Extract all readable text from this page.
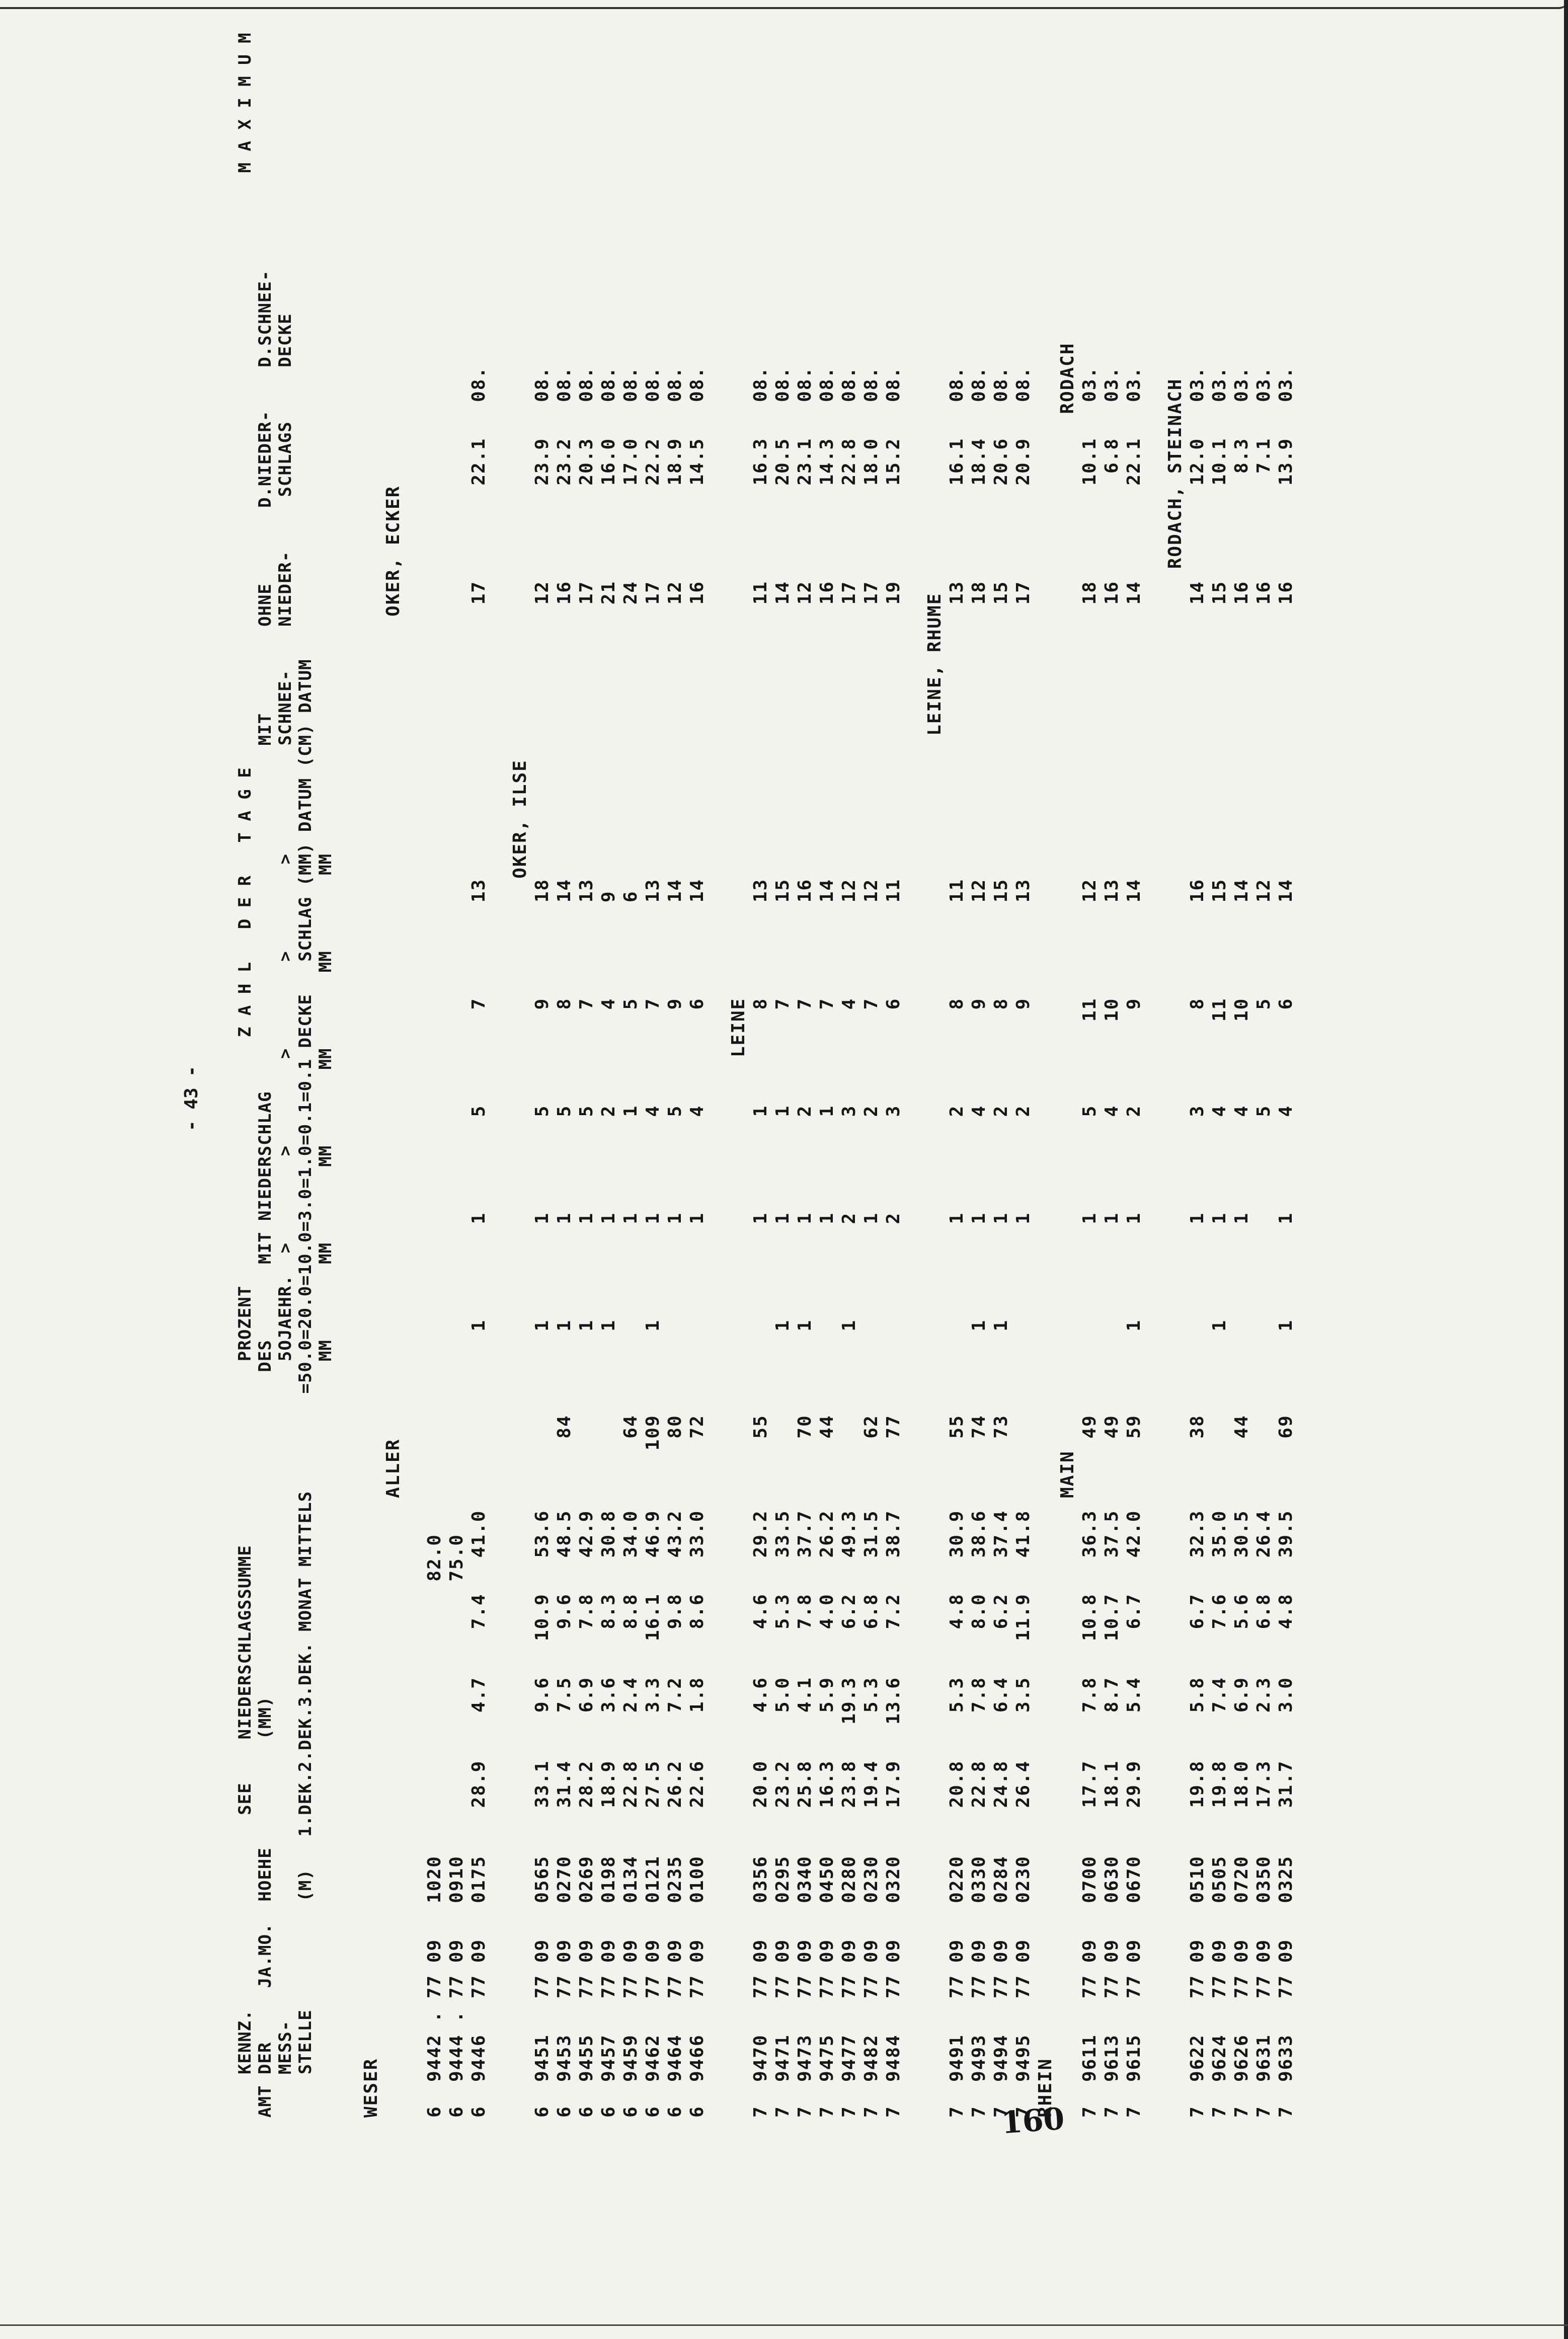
- 43 - KENNZ.                  SEE    NIEDERSCHLAGSSUMME                 PROZENT                       Z A H L   D E R   T A G E                                                       M A X I M U M AMT DER     JA.MO.  HOEHE          (MM)                              DES       MIT NIEDERSCHLAG                                MIT        OHNE       D.NIEDER-    D.SCHNEE- MESS-                                                             5OJAEHR.  >        >        >        >        >          SCHNEE-    NIEDER-     SCHLAGS     DECKE STELLE          (M)   1.DEK.2.DEK.3.DEK. MONAT MITTELS         =50.0=20.0=10.0=3.0=1.0=0.1=0.1 DECKE   SCHLAG (MM) DATUM (CM) DATUM MM       MM       MM       MM       MM       MM WESER ALLER                                                                     OKER, ECKER 6  9442 . 77 09   1020                       82.0 6  9444 . 77 09   0910                       75.0 6  9446   77 09   0175    28.9    4.7    7.4   41.0               1        1        5        7        13                       17        22.1   08. OKER, ILSE 6  9451   77 09   0565    33.1    9.6   10.9   53.6               1        1        5        9        18                       12        23.9   08. 6  9453   77 09   0270    31.4    7.5    9.6   48.5      84       1        1        5        8        14                       16        23.2   08. 6  9455   77 09   0269    28.2    6.9    7.8   42.9               1        1        5        7        13                       17        20.3   08. 6  9457   77 09   0198    18.9    3.6    8.3   30.8               1        1        2        4        9                        21        16.0   08. 6  9459   77 09   0134    22.8    2.4    8.8   34.0      64                1        1        5        6                        24        17.0   08. 6  9462   77 09   0121    27.5    3.3   16.1   46.9     109       1        1        4        7        13                       17        22.2   08. 6  9464   77 09   0235    26.2    7.2    9.8   43.2      80                1        5        9        14                       12        18.9   08. 6  9466   77 09   0100    22.6    1.8    8.6   33.0      72                1        4        6        14                       16        14.5   08. LEINE 7  9470   77 09   0356    20.0    4.6    4.6   29.2      55                1        1        8        13                       11        16.3   08. 7  9471   77 09   0295    23.2    5.0    5.3   33.5               1        1        1        7        15                       14        20.5   08. 7  9473   77 09   0340    25.8    4.1    7.8   37.7      70       1        1        2        7        16                       12        23.1   08. 7  9475   77 09   0450    16.3    5.9    4.0   26.2      44                1        1        7        14                       16        14.3   08. 7  9477   77 09   0280    23.8   19.3    6.2   49.3               1        2        3        4        12                       17        22.8   08. 7  9482   77 09   0230    19.4    5.3    6.8   31.5      62                1        2        7        12                       17        18.0   08. 7  9484   77 09   0320    17.9   13.6    7.2   38.7      77                2        3        6        11                       19        15.2   08. LEINE, RHUME 7  9491   77 09   0220    20.8    5.3    4.8   30.9      55                1        2        8        11                       13        16.1   08. 7  9493   77 09   0330    22.8    7.8    8.0   38.6      74       1        1        4        9        12                       18        18.4   08. 7  9494   77 09   0284    24.8    6.4    6.2   37.4      73       1        1        2        8        15                       15        20.6   08. 7  9495   77 09   0230    26.4    3.5   11.9   41.8                        1        2        9        13                       17        20.9   08. RHEIN MAIN                                                                                       RODACH 7  9611   77 09   0700    17.7    7.8   10.8   36.3      49                1        5       11        12                       18        10.1   03. 7  9613   77 09   0630    18.1    8.7   10.7   37.5      49                1        4       10        13                       16         6.8   03. 7  9615   77 09   0670    29.9    5.4    6.7   42.0      59       1        1        2        9        14                       14        22.1   03. RODACH, STEINACH 7  9622   77 09   0510    19.8    5.8    6.7   32.3      38                1        3        8        16                       14        12.0   03. 7  9624   77 09   0505    19.8    7.4    7.6   35.0               1        1        4       11        15                       15        10.1   03. 7  9626   77 09   0720    18.0    6.9    5.6   30.5      44                1        4       10        14                       16         8.3   03. 7  9631   77 09   0350    17.3    2.3    6.8   26.4                                 5        5        12                       16         7.1   03. 7  9633   77 09   0325    31.7    3.0    4.8   39.5      69       1        1        4        6        14                       16        13.9   03.
160
